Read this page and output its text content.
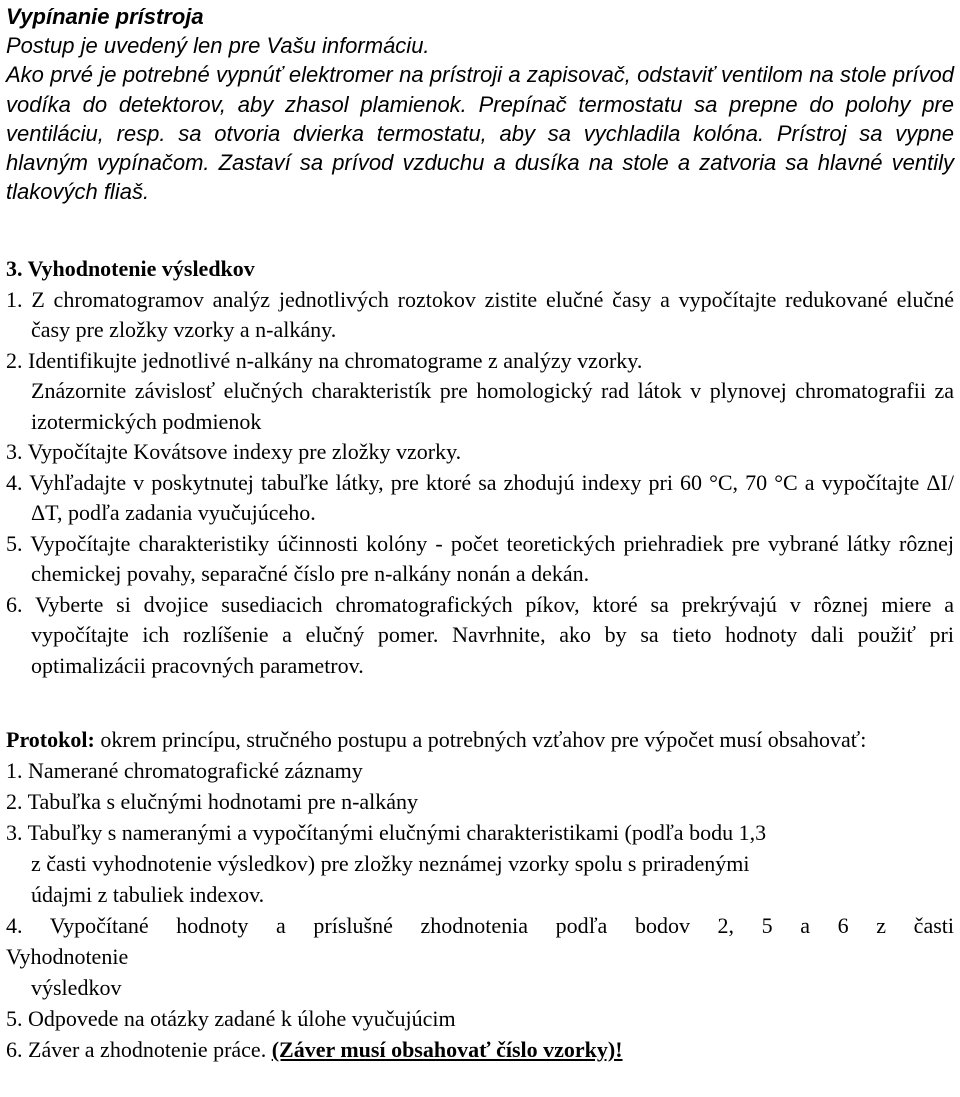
Vypínanie prístroja
Postup je uvedený len pre Vašu informáciu.

Ako prvé je potrebné vypnúť elektromer na prístroji a zapisovač, odstaviť ventilom na stole prívod vodíka do detektorov, aby zhasol plamienok. Prepínač termostatu sa prepne do polohy pre ventiláciu, resp. sa otvoria dvierka termostatu, aby sa vychladila kolóna. Prístroj sa vypne hlavným vypínačom. Zastaví sa prívod vzduchu a dusíka na stole a zatvoria sa hlavné ventily tlakových fliaš.

3. Vyhodnotenie výsledkov
1. Z chromatogramov analýz jednotlivých roztokov zistite elučné časy a vypočítajte redukované elučné časy pre zložky vzorky a n-alkány.
2. Identifikujte jednotlivé n-alkány na chromatograme z analýzy vzorky.
Znázornite závislosť elučných charakteristík pre homologický rad látok v plynovej chromatografii za izotermických podmienok
3. Vypočítajte Kovátsove indexy pre zložky vzorky.
4. Vyhľadajte v poskytnutej tabuľke látky, pre ktoré sa zhodujú indexy pri 60 °C, 70 °C a vypočítajte ΔI/ΔT, podľa zadania vyučujúceho.
5. Vypočítajte charakteristiky účinnosti kolóny - počet teoretických priehradiek pre vybrané látky rôznej chemickej povahy, separačné číslo pre n-alkány nonán a dekán.
6. Vyberte si dvojice susediacich chromatografických píkov, ktoré sa prekrývajú v rôznej miere a vypočítajte ich rozlíšenie a elučný pomer. Navrhnite, ako by sa tieto hodnoty dali použiť pri optimalizácii pracovných parametrov.

Protokol: okrem princípu, stručného postupu a potrebných vzťahov pre výpočet musí obsahovať:

1. Namerané chromatografické záznamy

2. Tabuľka s elučnými hodnotami pre n-alkány

3. Tabuľky s nameranými a vypočítanými elučnými charakteristikami (podľa bodu 1,3

z časti vyhodnotenie výsledkov) pre zložky neznámej vzorky spolu s priradenými

údajmi z tabuliek indexov.

4. Vypočítané hodnoty a príslušné zhodnotenia podľa bodov 2, 5 a 6 z časti

Vyhodnotenie

výsledkov

5. Odpovede na otázky zadané k úlohe vyučujúcim

6. Záver a zhodnotenie práce. (Záver musí obsahovať číslo vzorky)!
